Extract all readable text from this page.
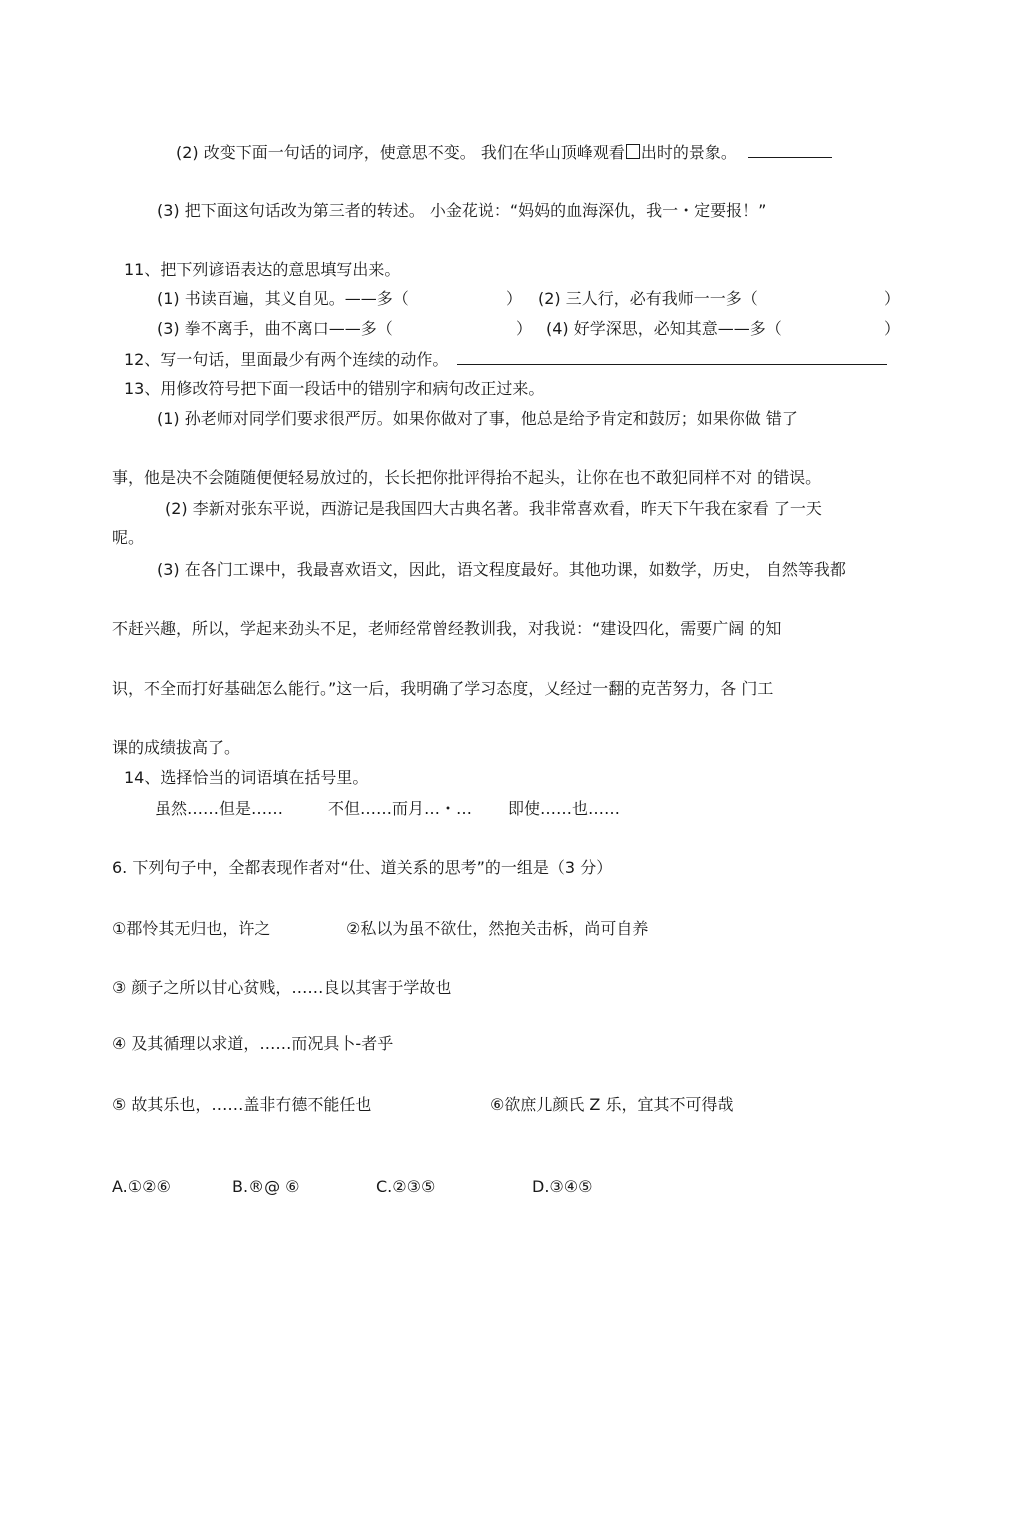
(2) 改变下面一句话的词序，使意思不变。 我们在华山顶峰观看 出时的景象。
(3) 把下面这句话改为第三者的转述。 小金花说：“妈妈的血海深仇，我一・定要报！”
11、把下列谚语表达的意思填写出来。
(1) 书读百遍，其义自见。——多（	） (2) 三人行，必有我师一一多（	）
(3) 拳不离手，曲不离口——多（	） (4) 好学深思，必知其意——多（	）
12、写一句话，里面最少有两个连续的动作。
13、用修改符号把下面一段话中的错别字和病句改正过来。
(1) 孙老师对同学们要求很严厉。如果你做对了事，他总是给予肯定和鼓厉；如果你做 错了
事，他是决不会随随便便轻易放过的，长长把你批评得抬不起头，让你在也不敢犯同样不对 的错误。
(2) 李新对张东平说，西游记是我国四大古典名著。我非常喜欢看，昨天下午我在家看 了一天
呢。
(3) 在各门工课中，我最喜欢语文，因此，语文程度最好。其他功课，如数学，历史， 自然等我都
不赶兴趣，所以，学起来劲头不足，老师经常曾经教训我，对我说：“建设四化，需要广阔 的知
识，不全而打好基础怎么能行。”这一后，我明确了学习态度，乂经过一翻的克苦努力，各 门工
课的成绩拔高了。
14、选择恰当的词语填在括号里。
虽然……但是……	不但……而月…・… 即使……也……
6. 下列句子中，全都表现作者对“仕、道关系的思考”的一组是（3 分）
①郡怜其无归也，许之	②私以为虽不欲仕，然抱关击柝，尚可自养
③ 颜子之所以甘心贫贱，……良以其害于学故也
④ 及其循理以求道，……而况具卜-者乎
⑤ 故其乐也，……盖非冇德不能任也	⑥欲庶儿颜氏 Z 乐，宜其不可得哉
A.①②⑥	B.®@ ⑥	C.②③⑤	D.③④⑤
